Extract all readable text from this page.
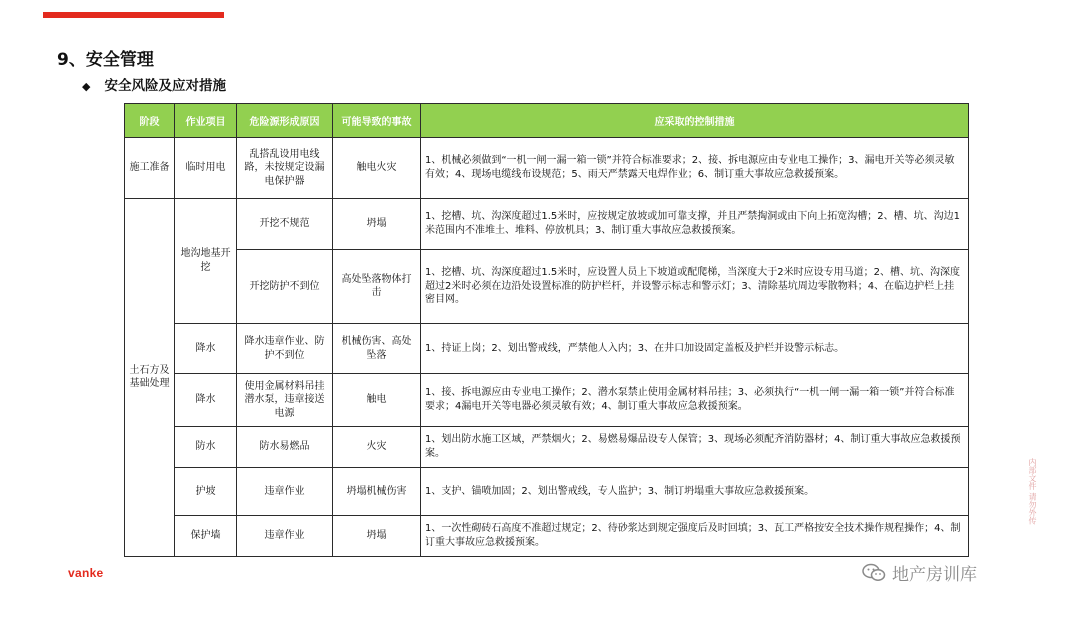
9、安全管理
◆ 安全风险及应对措施
阶段	作业项目	危险源形成原因	可能导致的事故	应采取的控制措施
施工准备	临时用电	乱搭乱设用电线路，未按规定设漏电保护器	触电火灾	1、机械必须做到“一机一闸一漏一箱一锁”并符合标准要求；2、接、拆电源应由专业电工操作；3、漏电开关等必须灵敏有效；4、现场电缆线布设规范；5、雨天严禁露天电焊作业；6、制订重大事故应急救援预案。
土石方及基础处理	地沟地基开挖	开挖不规范	坍塌	1、挖槽、坑、沟深度超过1.5米时，应按规定放坡或加可靠支撑，并且严禁掏洞或由下向上拓宽沟槽；2、槽、坑、沟边1米范围内不准堆土、堆料、停放机具；3、制订重大事故应急救援预案。
		开挖防护不到位	高处坠落物体打击	1、挖槽、坑、沟深度超过1.5米时，应设置人员上下坡道或配爬梯，当深度大于2米时应设专用马道；2、槽、坑、沟深度超过2米时必须在边沿处设置标准的防护栏杆，并设警示标志和警示灯；3、清除基坑周边零散物料；4、在临边护栏上挂密目网。
	降水	降水违章作业、防护不到位	机械伤害、高处坠落	1、持证上岗；2、划出警戒线，严禁他人入内；3、在井口加设固定盖板及护栏并设警示标志。
	降水	使用金属材料吊挂潜水泵，违章接送电源	触电	1、接、拆电源应由专业电工操作；2、潜水泵禁止使用金属材料吊挂；3、必须执行“一机一闸一漏一箱一锁”并符合标准要求；4漏电开关等电器必须灵敏有效；4、制订重大事故应急救援预案。
	防水	防水易燃品	火灾	1、划出防水施工区域，严禁烟火；2、易燃易爆品设专人保管；3、现场必须配齐消防器材；4、制订重大事故应急救援预案。
	护坡	违章作业	坍塌机械伤害	1、支护、锚喷加固；2、划出警戒线，专人监护；3、制订坍塌重大事故应急救援预案。
	保护墙	违章作业	坍塌	1、一次性砌砖石高度不准超过规定；2、待砂浆达到规定强度后及时回填；3、瓦工严格按安全技术操作规程操作；4、制订重大事故应急救援预案。
vanke
内部文件 请勿外传
地产房训库
